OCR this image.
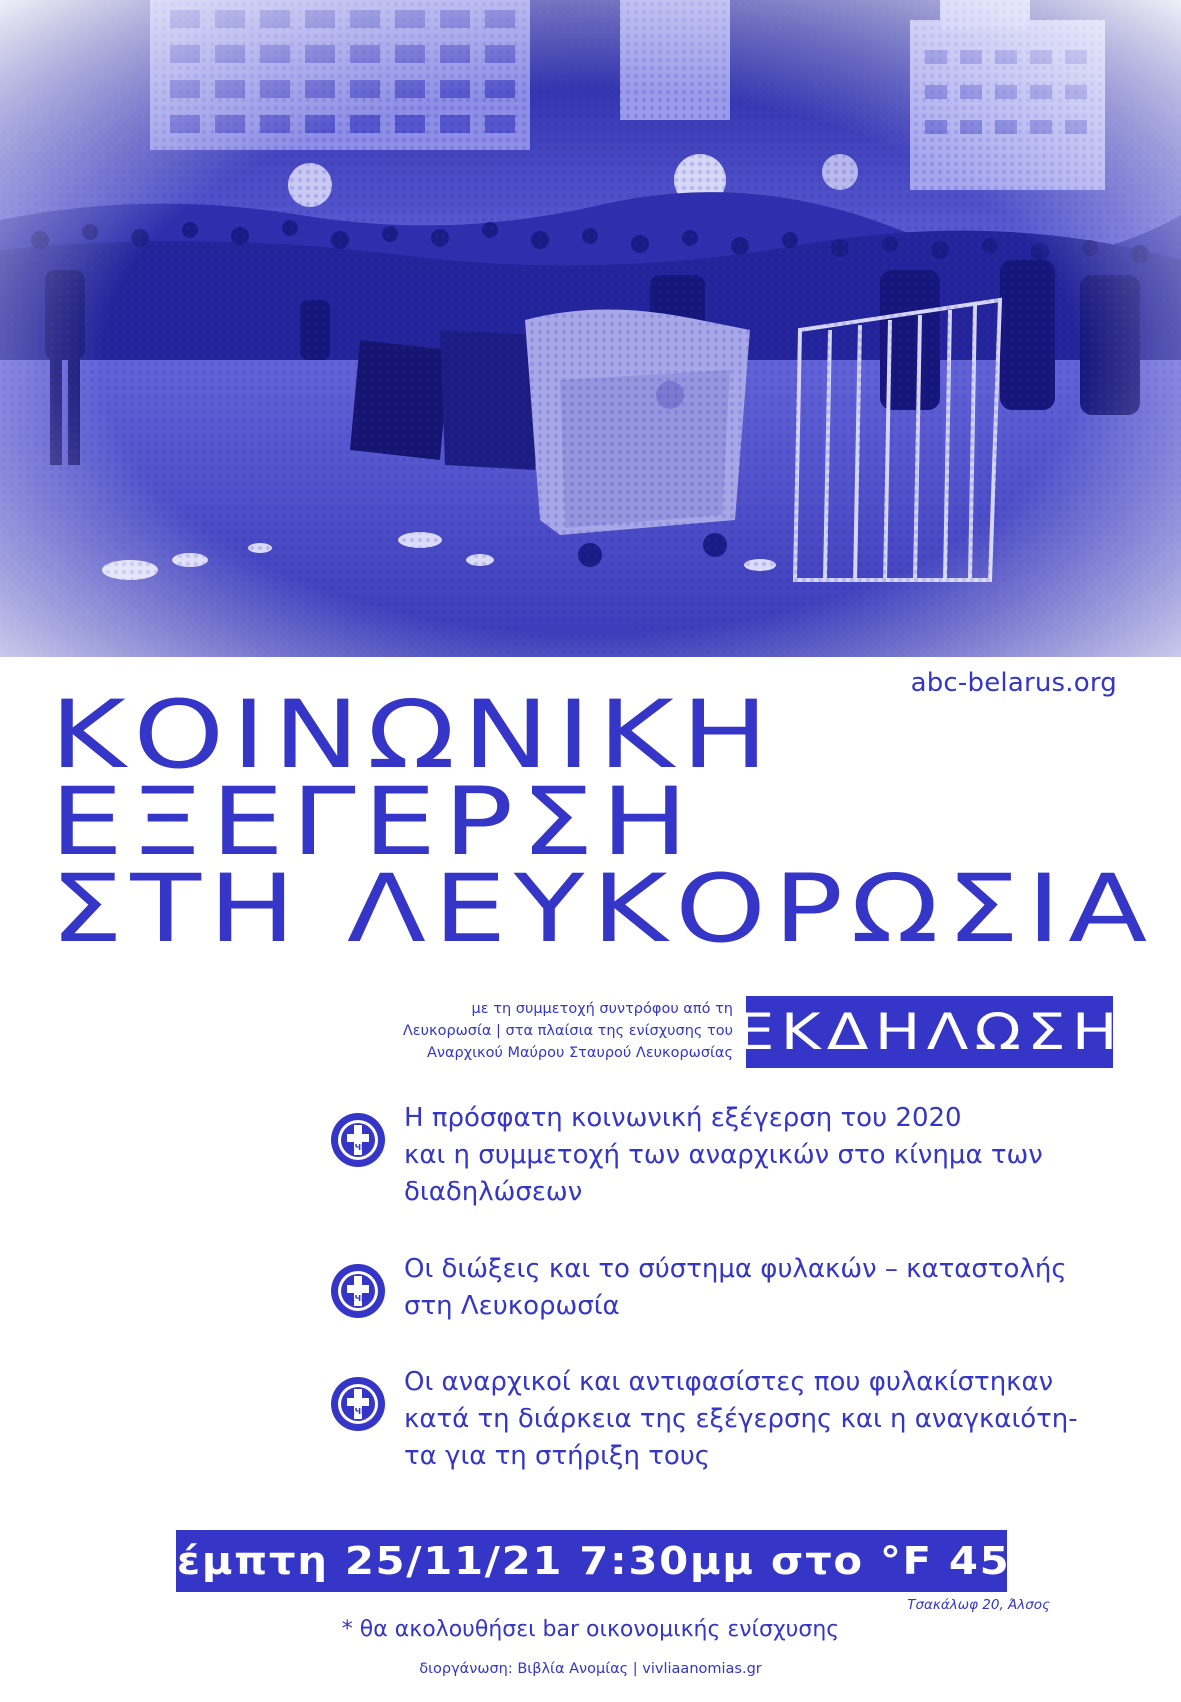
abc-belarus.org
ΚΟΙΝΩΝΙΚΗ
ΕΞΕΓΕΡΣΗ
ΣΤΗ ΛΕΥΚΟΡΩΣΙΑ
με τη συμμετοχή συντρόφου από τη
Λευκορωσία | στα πλαίσια της ενίσχυσης του
Αναρχικού Μαύρου Σταυρού Λευκορωσίας ΕΚΔΗΛΩΣΗ
АЧК
Η πρόσφατη κοινωνική εξέγερση του 2020
και η συμμετοχή των αναρχικών στο κίνημα των
διαδηλώσεων
АЧК
Οι διώξεις και το σύστημα φυλακών – καταστολής
στη Λευκορωσία
АЧК
Οι αναρχικοί και αντιφασίστες που φυλακίστηκαν
κατά τη διάρκεια της εξέγερσης και η αναγκαιότη-
τα για τη στήριξη τους
πέμπτη 25/11/21 7:30μμ στο °F 451
Τσακάλωφ 20, Άλσος
* θα ακολουθήσει bar οικονομικής ενίσχυσης
διοργάνωση: Βιβλία Ανομίας | vivliaanomias.gr
